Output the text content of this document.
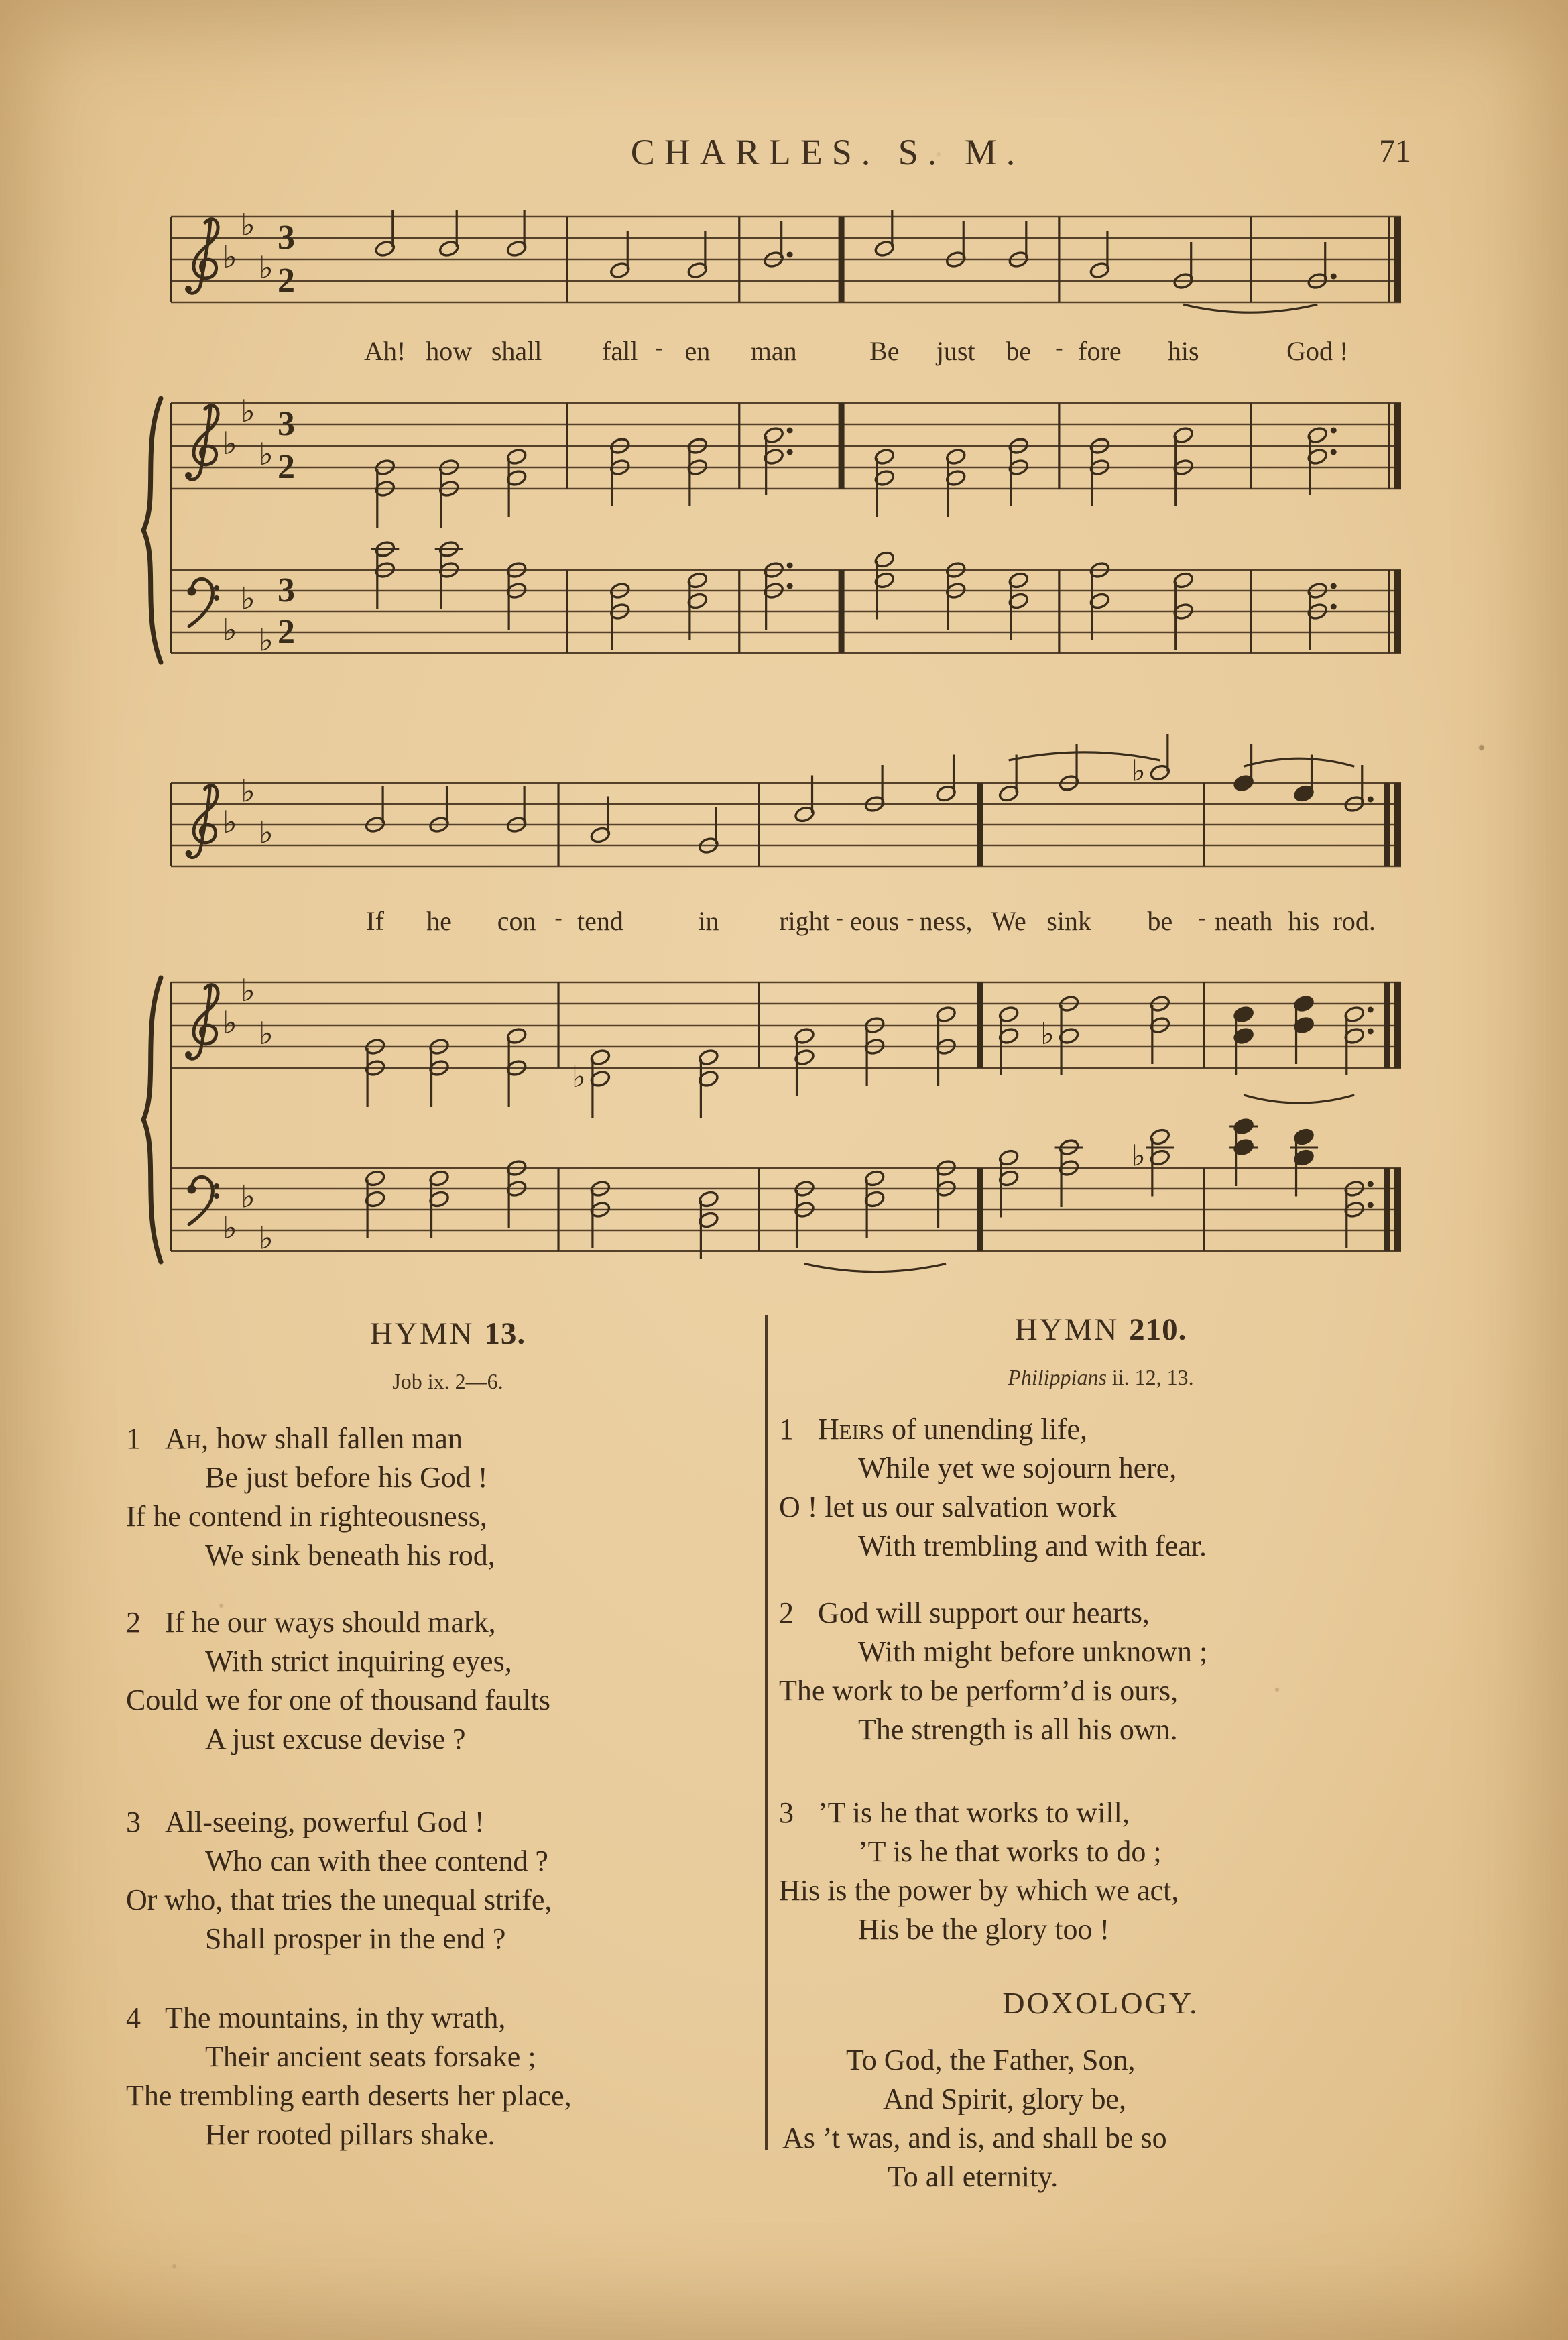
CHARLES. S. M.	71
♭
♭
♭
3
2
♭
♭
♭
3
2
♭
♭
♭
3
2
♭
♭
♭
♭
♭
♭
♭
♭
♭
♭
♭
♭
♭
Ah! how shall fall - en man	Be just be - fore his	God !
If he con - tend	in right - eous - ness, We sink be - neath his rod.
HYMN 13.
Job ix. 2—6.
1 Ah, how shall fallen man
Be just before his God !
If he contend in righteousness,
We sink beneath his rod,
2 If he our ways should mark,
With strict inquiring eyes,
Could we for one of thousand faults
A just excuse devise ?
3 All-seeing, powerful God !
Who can with thee contend ?
Or who, that tries the unequal strife,
Shall prosper in the end ?
4 The mountains, in thy wrath,
Their ancient seats forsake ;
The trembling earth deserts her place,
Her rooted pillars shake.
HYMN 210.
Philippians ii. 12, 13.
1 Heirs of unending life,
While yet we sojourn here,
O ! let us our salvation work
With trembling and with fear.
2 God will support our hearts,
With might before unknown ;
The work to be perform’d is ours,
The strength is all his own.
3 ’T is he that works to will,
’T is he that works to do ;
His is the power by which we act,
His be the glory too !
DOXOLOGY.
To God, the Father, Son,
And Spirit, glory be,
As ’t was, and is, and shall be so
To all eternity.
